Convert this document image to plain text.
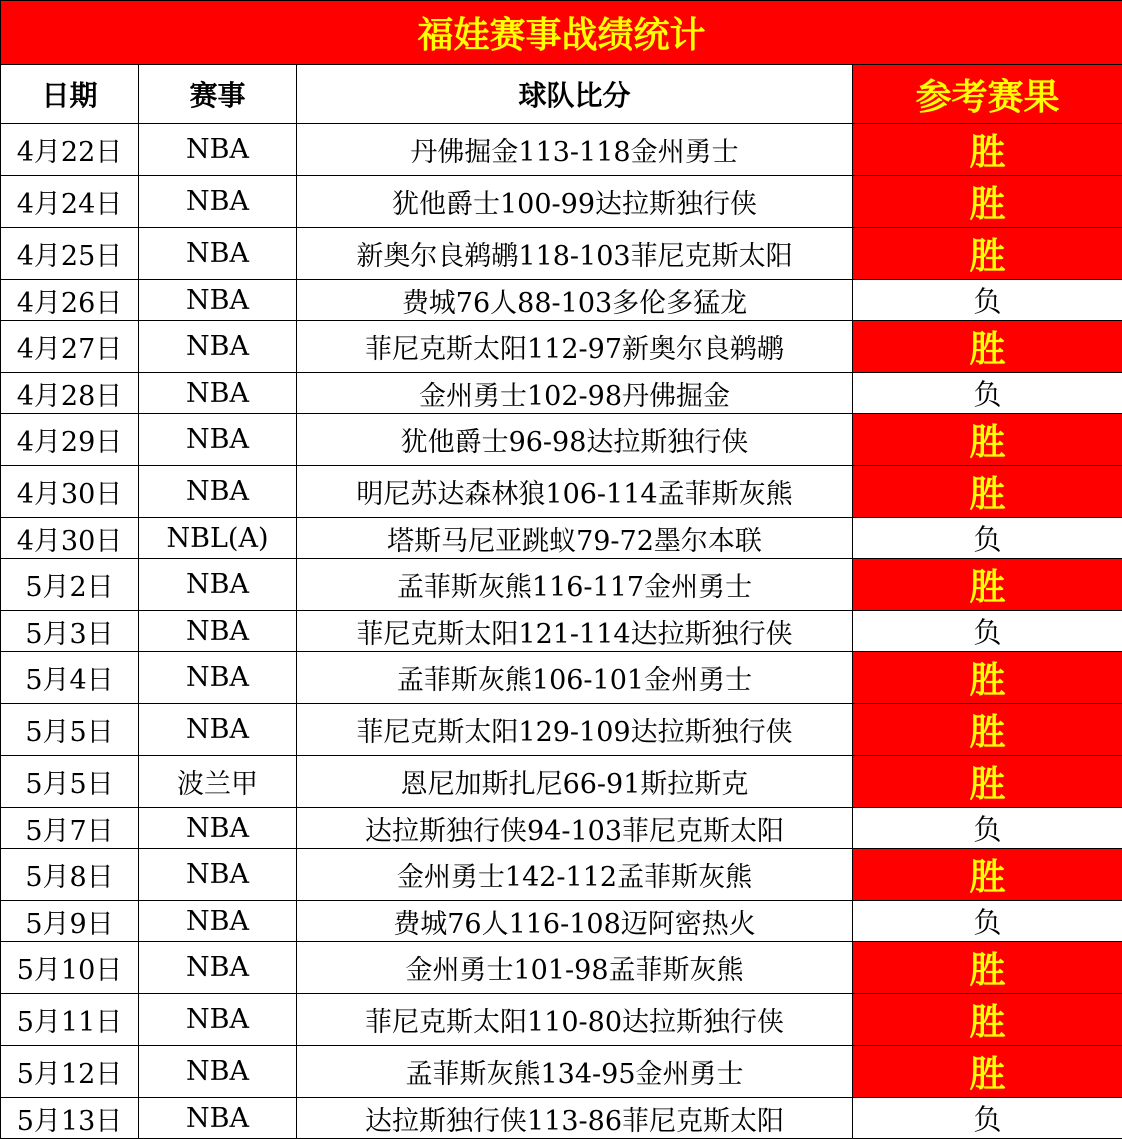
福娃赛事战绩统计			
日期	赛事	球队比分	参考赛果
4月22日	NBA	丹佛掘金113-118金州勇士	胜
4月24日	NBA	犹他爵士100-99达拉斯独行侠	胜
4月25日	NBA	新奥尔良鹈鹕118-103菲尼克斯太阳	胜
4月26日	NBA	费城76人88-103多伦多猛龙	负
4月27日	NBA	菲尼克斯太阳112-97新奥尔良鹈鹕	胜
4月28日	NBA	金州勇士102-98丹佛掘金	负
4月29日	NBA	犹他爵士96-98达拉斯独行侠	胜
4月30日	NBA	明尼苏达森林狼106-114孟菲斯灰熊	胜
4月30日	NBL(A)	塔斯马尼亚跳蚁79-72墨尔本联	负
5月2日	NBA	孟菲斯灰熊116-117金州勇士	胜
5月3日	NBA	菲尼克斯太阳121-114达拉斯独行侠	负
5月4日	NBA	孟菲斯灰熊106-101金州勇士	胜
5月5日	NBA	菲尼克斯太阳129-109达拉斯独行侠	胜
5月5日	波兰甲	恩尼加斯扎尼66-91斯拉斯克	胜
5月7日	NBA	达拉斯独行侠94-103菲尼克斯太阳	负
5月8日	NBA	金州勇士142-112孟菲斯灰熊	胜
5月9日	NBA	费城76人116-108迈阿密热火	负
5月10日	NBA	金州勇士101-98孟菲斯灰熊	胜
5月11日	NBA	菲尼克斯太阳110-80达拉斯独行侠	胜
5月12日	NBA	孟菲斯灰熊134-95金州勇士	胜
5月13日	NBA	达拉斯独行侠113-86菲尼克斯太阳	负
